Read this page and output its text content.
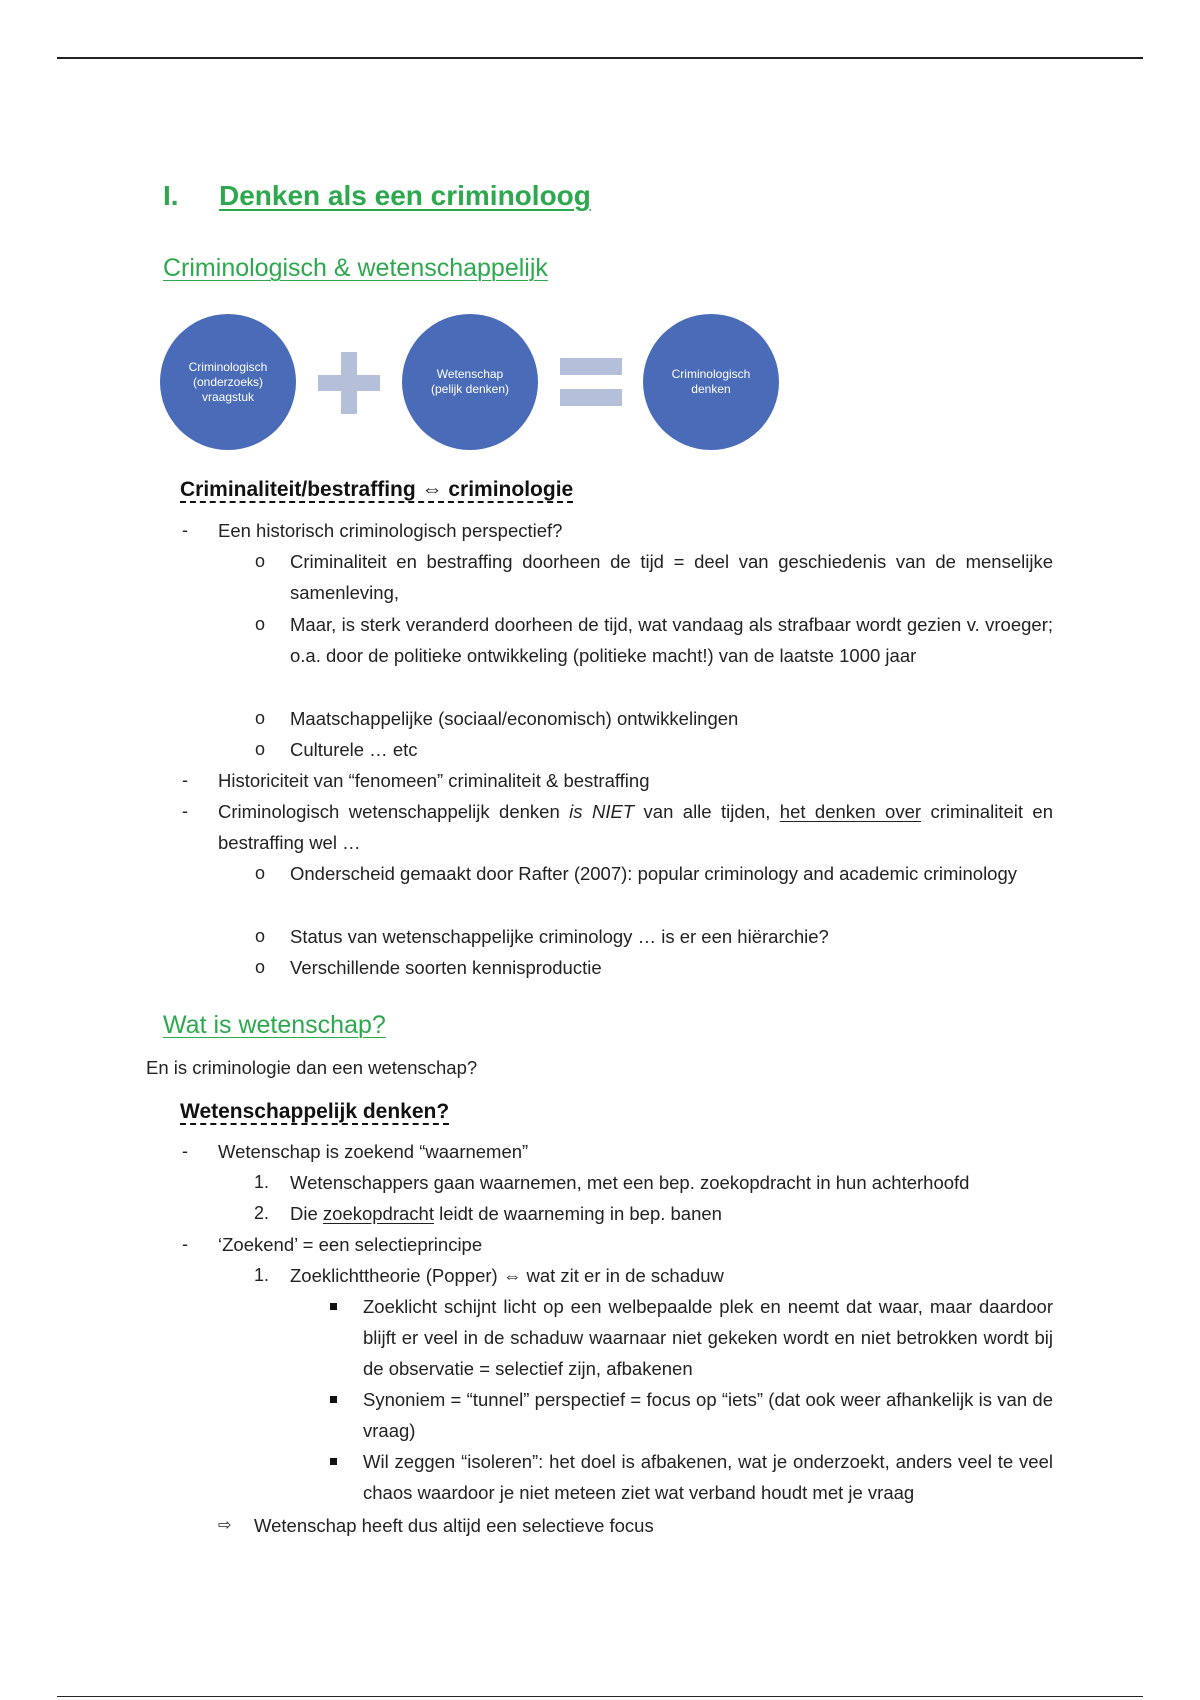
I. Denken als een criminoloog
Criminologisch & wetenschappelijk
Criminologisch
(onderzoeks)
vraagstuk
Wetenschap
(pelijk denken)
Criminologisch
denken
Criminaliteit/bestraffing ⇔ criminologie
- Een historisch criminologisch perspectief?
o Criminaliteit en bestraffing doorheen de tijd = deel van geschiedenis van de menselijke samenleving,
o Maar, is sterk veranderd doorheen de tijd, wat vandaag als strafbaar wordt gezien v. vroeger; o.a. door de politieke ontwikkeling (politieke macht!) van de laatste 1000 jaar
o Maatschappelijke (sociaal/economisch) ontwikkelingen
o Culturele … etc
- Historiciteit van “fenomeen” criminaliteit & bestraffing
- Criminologisch wetenschappelijk denken is NIET van alle tijden, het denken over criminaliteit en bestraffing wel …
o Onderscheid gemaakt door Rafter (2007): popular criminology and academic criminology
o Status van wetenschappelijke criminology … is er een hiërarchie?
o Verschillende soorten kennisproductie
Wat is wetenschap?
En is criminologie dan een wetenschap?
Wetenschappelijk denken?
- Wetenschap is zoekend “waarnemen”
1. Wetenschappers gaan waarnemen, met een bep. zoekopdracht in hun achterhoofd
2. Die zoekopdracht leidt de waarneming in bep. banen
- ‘Zoekend’ = een selectieprincipe
1. Zoeklichttheorie (Popper) ⇔ wat zit er in de schaduw
Zoeklicht schijnt licht op een welbepaalde plek en neemt dat waar, maar daardoor blijft er veel in de schaduw waarnaar niet gekeken wordt en niet betrokken wordt bij de observatie = selectief zijn, afbakenen
Synoniem = “tunnel” perspectief = focus op “iets” (dat ook weer afhankelijk is van de vraag)
Wil zeggen “isoleren”: het doel is afbakenen, wat je onderzoekt, anders veel te veel chaos waardoor je niet meteen ziet wat verband houdt met je vraag
⇨ Wetenschap heeft dus altijd een selectieve focus
